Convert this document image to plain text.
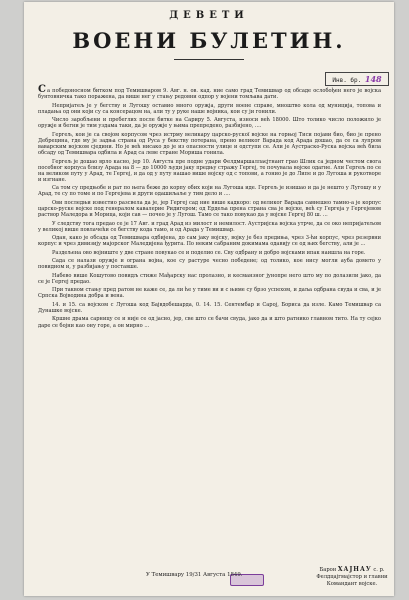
ДЕВЕТИ
ВОЕНИ БУЛЕТИН.
Инв. бр. 148

Са победоносном битком под Темишваром 9. Авг. н. ов. кад. ние само град Темишвар од обсаде ослобођен него је војска бунтовничка тако поражена, да више нег у стању редовни одпор у војени томљава дати.

Непријатељ је у бегству и Лугошу оставио много оружја, други воене справе, мноштво кола од муниција, топова и пладања од они који су са консерацом на, али ту у руке наше војника, кои су ји гонили.

Число заробљени и пребеглих после битке на Сариру 5. Августа, износи већ 18000. Што толико число положило је оружје и бегни је тим уздама таки, да је оружје у њима препредено, разбијено, ....

Гергељ, кои је са својом корпусом чрез истрму великару царско-рускої војске на горњој Тиси појави био, био је прено Дебрецина, где му је задња страна од Руса у бекству потерана, прено великог Варада код Арада дошао, да се са лупром ваварским војском сједини. Но је већ нисако до је из опасности улице и одступи се. Али је Аустраско-Руска војска већ била обсаду од Темишвара одбила и Арад са леве стране Мориша гонила.

Гергељ је дошао врло касно, јер 10. Августа пре подне удари Фелдмаршаллаєјтнант грао Шлик са једном честом свога посебног корпуса близу Арада на 8 — до 10000 људи јаку предњу стражу Гергеј, те почувала војске одагне. Али Гергељ по се на великом путу у Арад, те Гергеј, и да од у путу нашао више војску од с топови, а гонио је до Липе и до Лугоша и рукотворе и изгнане.

Са том су предњобе и рат по њега беже до корпу обих који на Лугоша иде. Гергељ је изишао и да је нешто у Лугошу и у Арад, те су по томе и по Гергејева и други одашиљаље у тим дело и ....

Ови последњи известио разсвела да је, јер Гергеј сад ние више кадкоро: од великог Варада савнешео тамно-а је корпус царско-руске војске под генералом кавалерие Ридигером; од Ердеља прена страна сва је војске, већ су Гергеја у Гергејевом раствор Маледора и Морица, који сав — почео је у Лугош. Тамо се тако повукао да у војске Гергеј 80 ш. ...

У следству тога предао се је 17 Авг. и град Арад из милост и немилост. Аустријска војска утрче, да се око непријатељом у великој више повлачећи се бегству кода тамо, и од Арада у Темишвар.

Одан, како је обсада од Темишвара одбијена, до сам јаку војску, војку је без предиња, чрез 3-ћи корпус, чрез резервни корпус и чрез дивизију мајорског Маледијена ђурита. По неким сабраним докимама одавију се од њих бегству, али је ...

Раздељена ово војниште у две стране повукао се и поделио се. Сву одбрану и добро војсками ипак наишла на горе.

Сада се налази оружје и ограна војна, кое су растуре чесно победене; од толико, кое нису могли ауба домето у повидном и, у разбијању у поставше.

Набево више Кошутово повидљ стиже Мађарску нас пролазно, и кесманзног јунопре него што му по долазили јако, да се је Гергеј предао.

При таквом стању пред ратом не каже се, да ли ће у тиме ви и с њиме су брзо успехом, и даља одбрана свуда и сва, и је Српска Војводина добра и вена.

14. и 15. са војском с Лугоша код Бајвдобешарда, 0. 14. 15. Сентембар и Сарој, Бориса да изле. Камо Темишвар са Дунашке војске.

Кршне драма сарницу се и није се од јасно, јер, све што се бачи свуда, јако да и што ратнико главном тито. На ту сејко даре се бојни као ону горе, а он мирно ...

У Темишвару 19/31 Августа 1849.
Барон ХАЈНАУ с. р.
Фелдцајгмајстор и главни
Командант војске.
